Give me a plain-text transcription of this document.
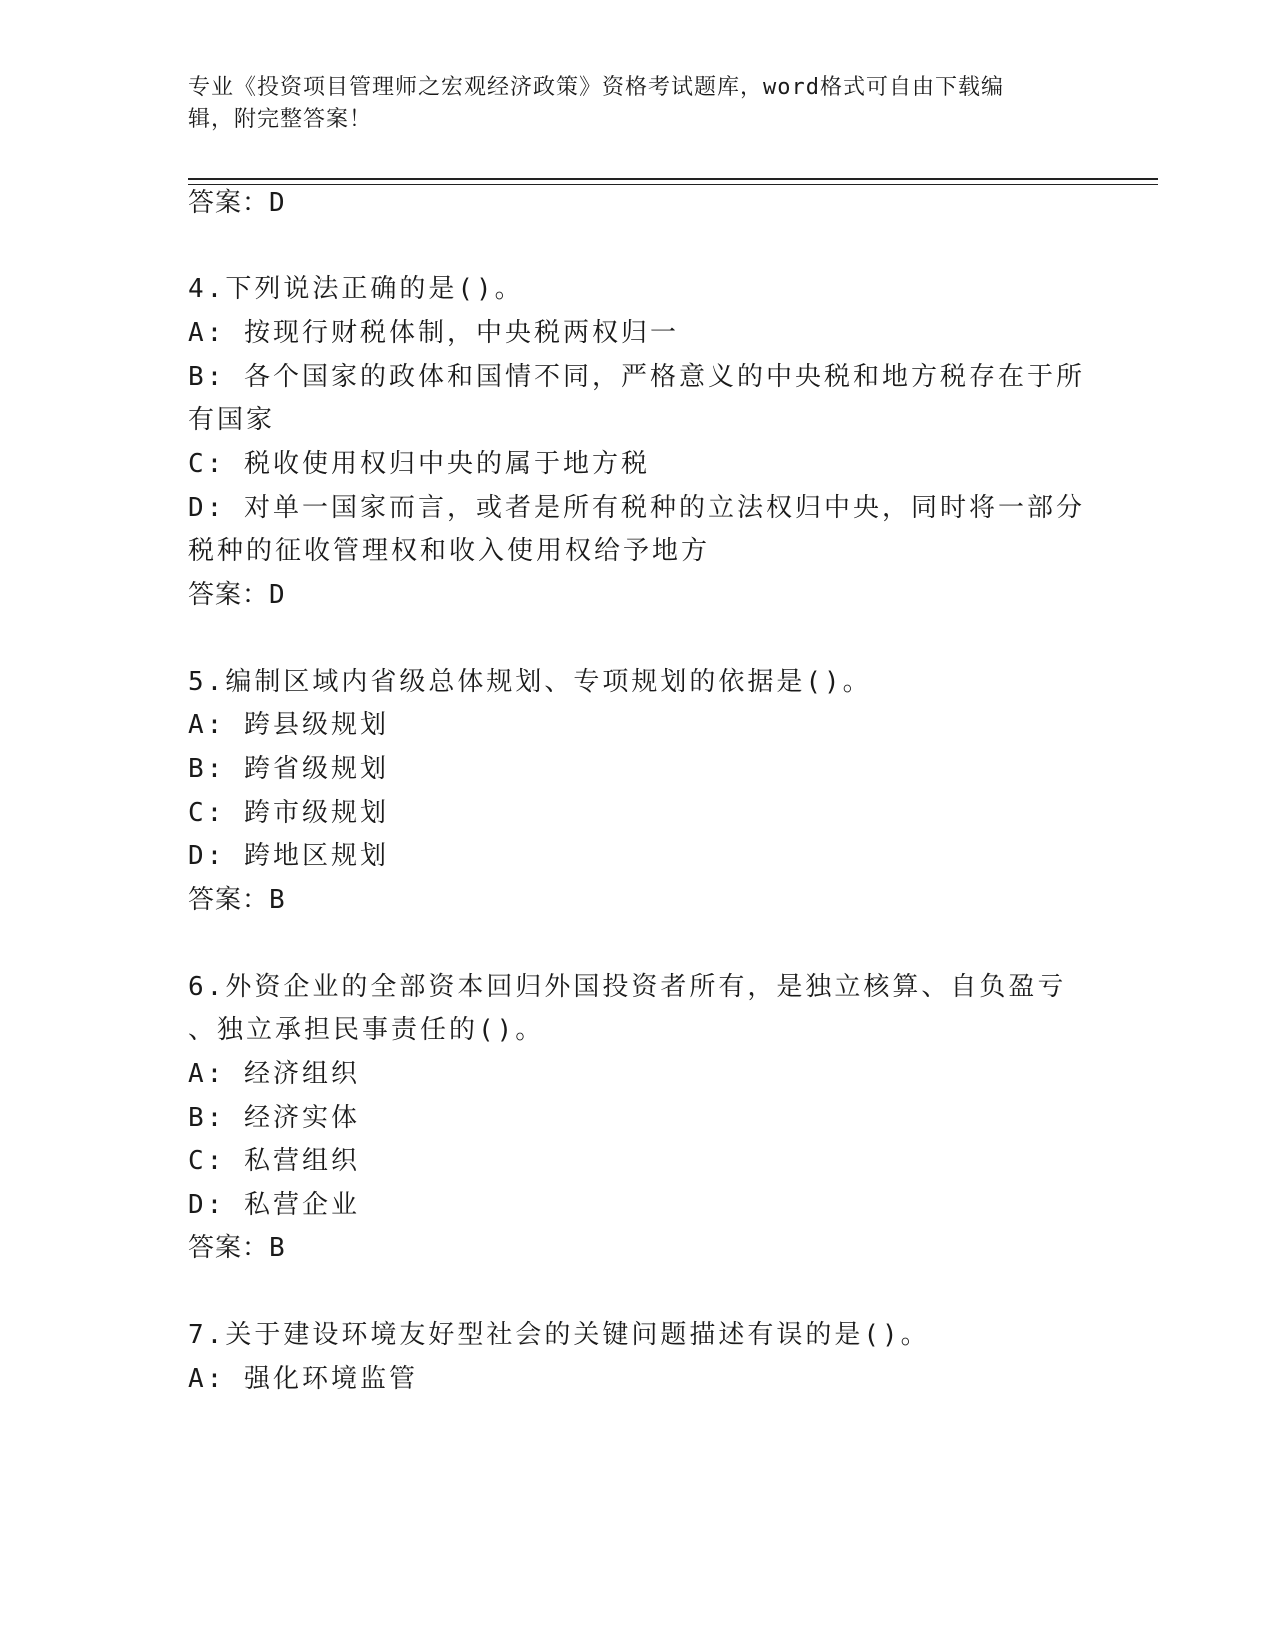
专业《投资项目管理师之宏观经济政策》资格考试题库，word格式可自由下载编
辑，附完整答案！
答案：D
4.下列说法正确的是()。
A: 按现行财税体制，中央税两权归一
B: 各个国家的政体和国情不同，严格意义的中央税和地方税存在于所
有国家
C: 税收使用权归中央的属于地方税
D: 对单一国家而言，或者是所有税种的立法权归中央，同时将一部分
税种的征收管理权和收入使用权给予地方
答案：D
5.编制区域内省级总体规划、专项规划的依据是()。
A: 跨县级规划
B: 跨省级规划
C: 跨市级规划
D: 跨地区规划
答案：B
6.外资企业的全部资本回归外国投资者所有，是独立核算、自负盈亏
、独立承担民事责任的()。
A: 经济组织
B: 经济实体
C: 私营组织
D: 私营企业
答案：B
7.关于建设环境友好型社会的关键问题描述有误的是()。
A: 强化环境监管
